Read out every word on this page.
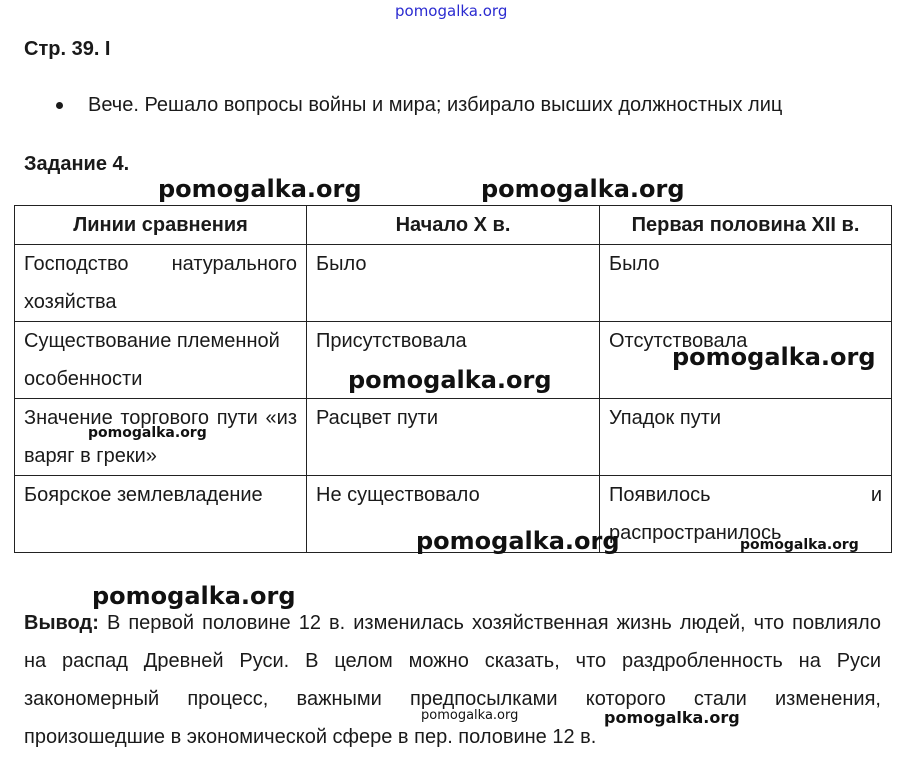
pomogalka.org
Стр. 39. I
Вече. Решало вопросы войны и мира; избирало высших должностных лиц
Задание 4.
Линии сравнения	Начало X в.	Первая половина XII в.
Господство натурального хозяйства	Было	Было
Существование племенной особенности	Присутствовала	Отсутствовала
Значение торгового пути «из варяг в греки»	Расцвет пути	Упадок пути
Боярское землевладение	Не существовало	Появилось и распространилось
Вывод: В первой половине 12 в. изменилась хозяйственная жизнь людей, что повлияло на распад Древней Руси. В целом можно сказать, что раздробленность на Руси закономерный процесс, важными предпосылками которого стали изменения, произошедшие в экономической сфере в пер. половине 12 в.
pomogalka.org	pomogalka.org
pomogalka.org
pomogalka.org
pomogalka.org
pomogalka.org	pomogalka.org
pomogalka.org
pomogalka.org	pomogalka.org
